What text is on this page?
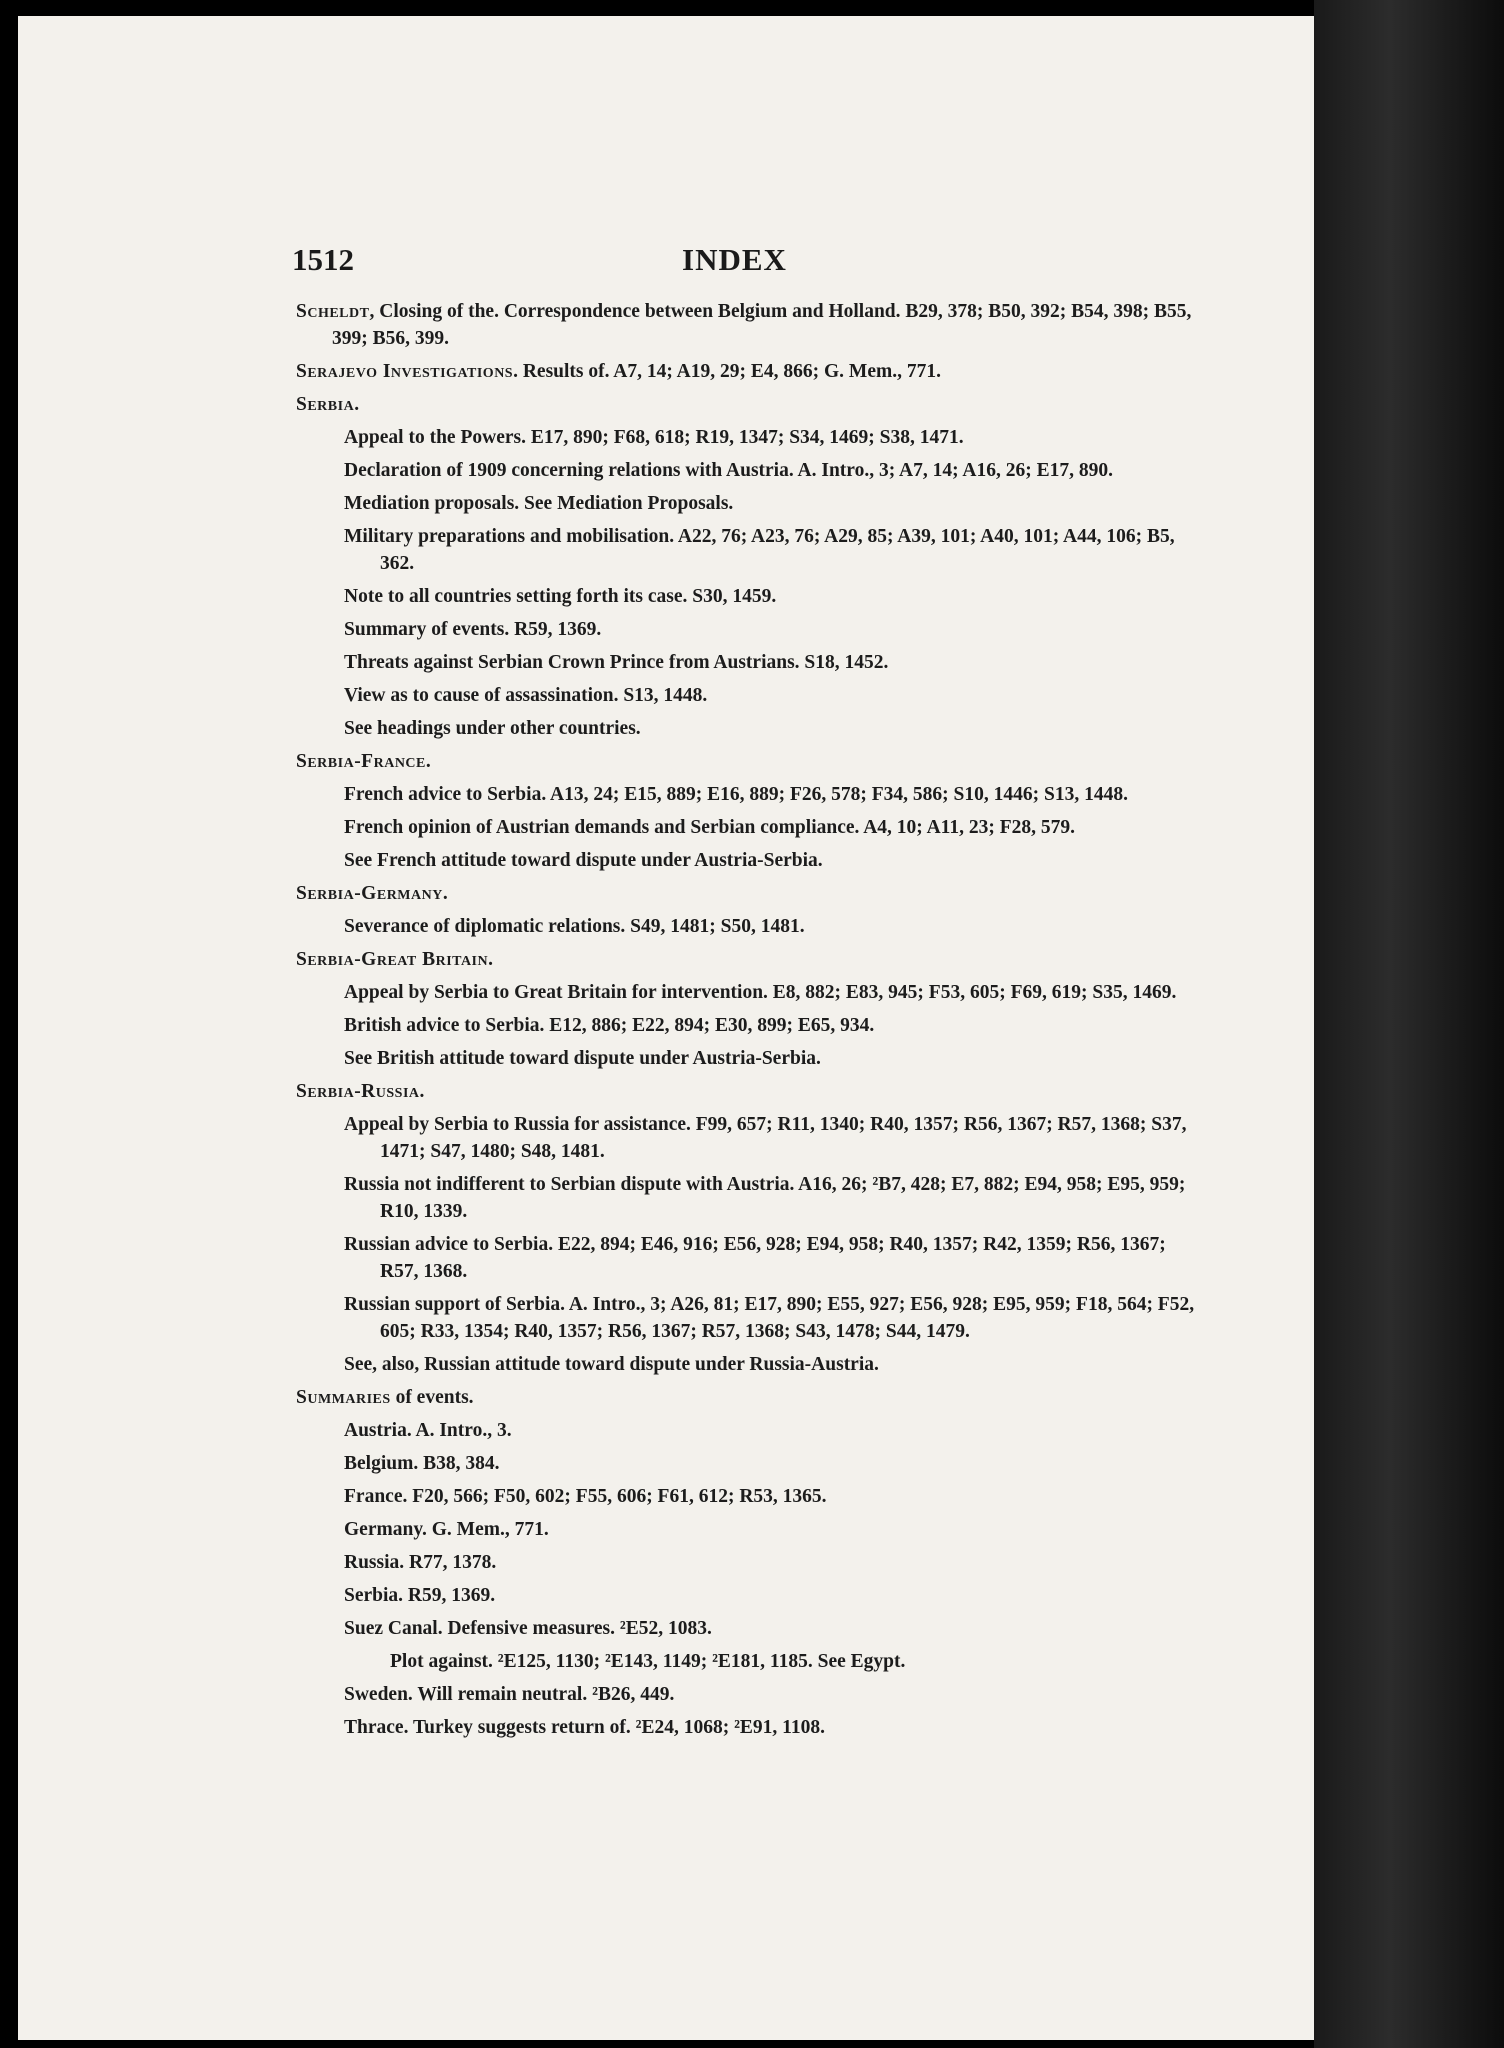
1512	INDEX
Scheldt, Closing of the. Correspondence between Belgium and Holland. B29, 378; B50, 392; B54, 398; B55, 399; B56, 399.
Serajevo Investigations. Results of. A7, 14; A19, 29; E4, 866; G. Mem., 771.
Serbia.
Appeal to the Powers. E17, 890; F68, 618; R19, 1347; S34, 1469; S38, 1471.
Declaration of 1909 concerning relations with Austria. A. Intro., 3; A7, 14; A16, 26; E17, 890.
Mediation proposals. See Mediation Proposals.
Military preparations and mobilisation. A22, 76; A23, 76; A29, 85; A39, 101; A40, 101; A44, 106; B5, 362.
Note to all countries setting forth its case. S30, 1459.
Summary of events. R59, 1369.
Threats against Serbian Crown Prince from Austrians. S18, 1452.
View as to cause of assassination. S13, 1448.
See headings under other countries.
Serbia-France.
French advice to Serbia. A13, 24; E15, 889; E16, 889; F26, 578; F34, 586; S10, 1446; S13, 1448.
French opinion of Austrian demands and Serbian compliance. A4, 10; A11, 23; F28, 579.
See French attitude toward dispute under Austria-Serbia.
Serbia-Germany.
Severance of diplomatic relations. S49, 1481; S50, 1481.
Serbia-Great Britain.
Appeal by Serbia to Great Britain for intervention. E8, 882; E83, 945; F53, 605; F69, 619; S35, 1469.
British advice to Serbia. E12, 886; E22, 894; E30, 899; E65, 934.
See British attitude toward dispute under Austria-Serbia.
Serbia-Russia.
Appeal by Serbia to Russia for assistance. F99, 657; R11, 1340; R40, 1357; R56, 1367; R57, 1368; S37, 1471; S47, 1480; S48, 1481.
Russia not indifferent to Serbian dispute with Austria. A16, 26; ²B7, 428; E7, 882; E94, 958; E95, 959; R10, 1339.
Russian advice to Serbia. E22, 894; E46, 916; E56, 928; E94, 958; R40, 1357; R42, 1359; R56, 1367; R57, 1368.
Russian support of Serbia. A. Intro., 3; A26, 81; E17, 890; E55, 927; E56, 928; E95, 959; F18, 564; F52, 605; R33, 1354; R40, 1357; R56, 1367; R57, 1368; S43, 1478; S44, 1479.
See, also, Russian attitude toward dispute under Russia-Austria.
Summaries of events.
Austria. A. Intro., 3.
Belgium. B38, 384.
France. F20, 566; F50, 602; F55, 606; F61, 612; R53, 1365.
Germany. G. Mem., 771.
Russia. R77, 1378.
Serbia. R59, 1369.
Suez Canal. Defensive measures. ²E52, 1083.
Plot against. ²E125, 1130; ²E143, 1149; ²E181, 1185. See Egypt.
Sweden. Will remain neutral. ²B26, 449.
Thrace. Turkey suggests return of. ²E24, 1068; ²E91, 1108.
